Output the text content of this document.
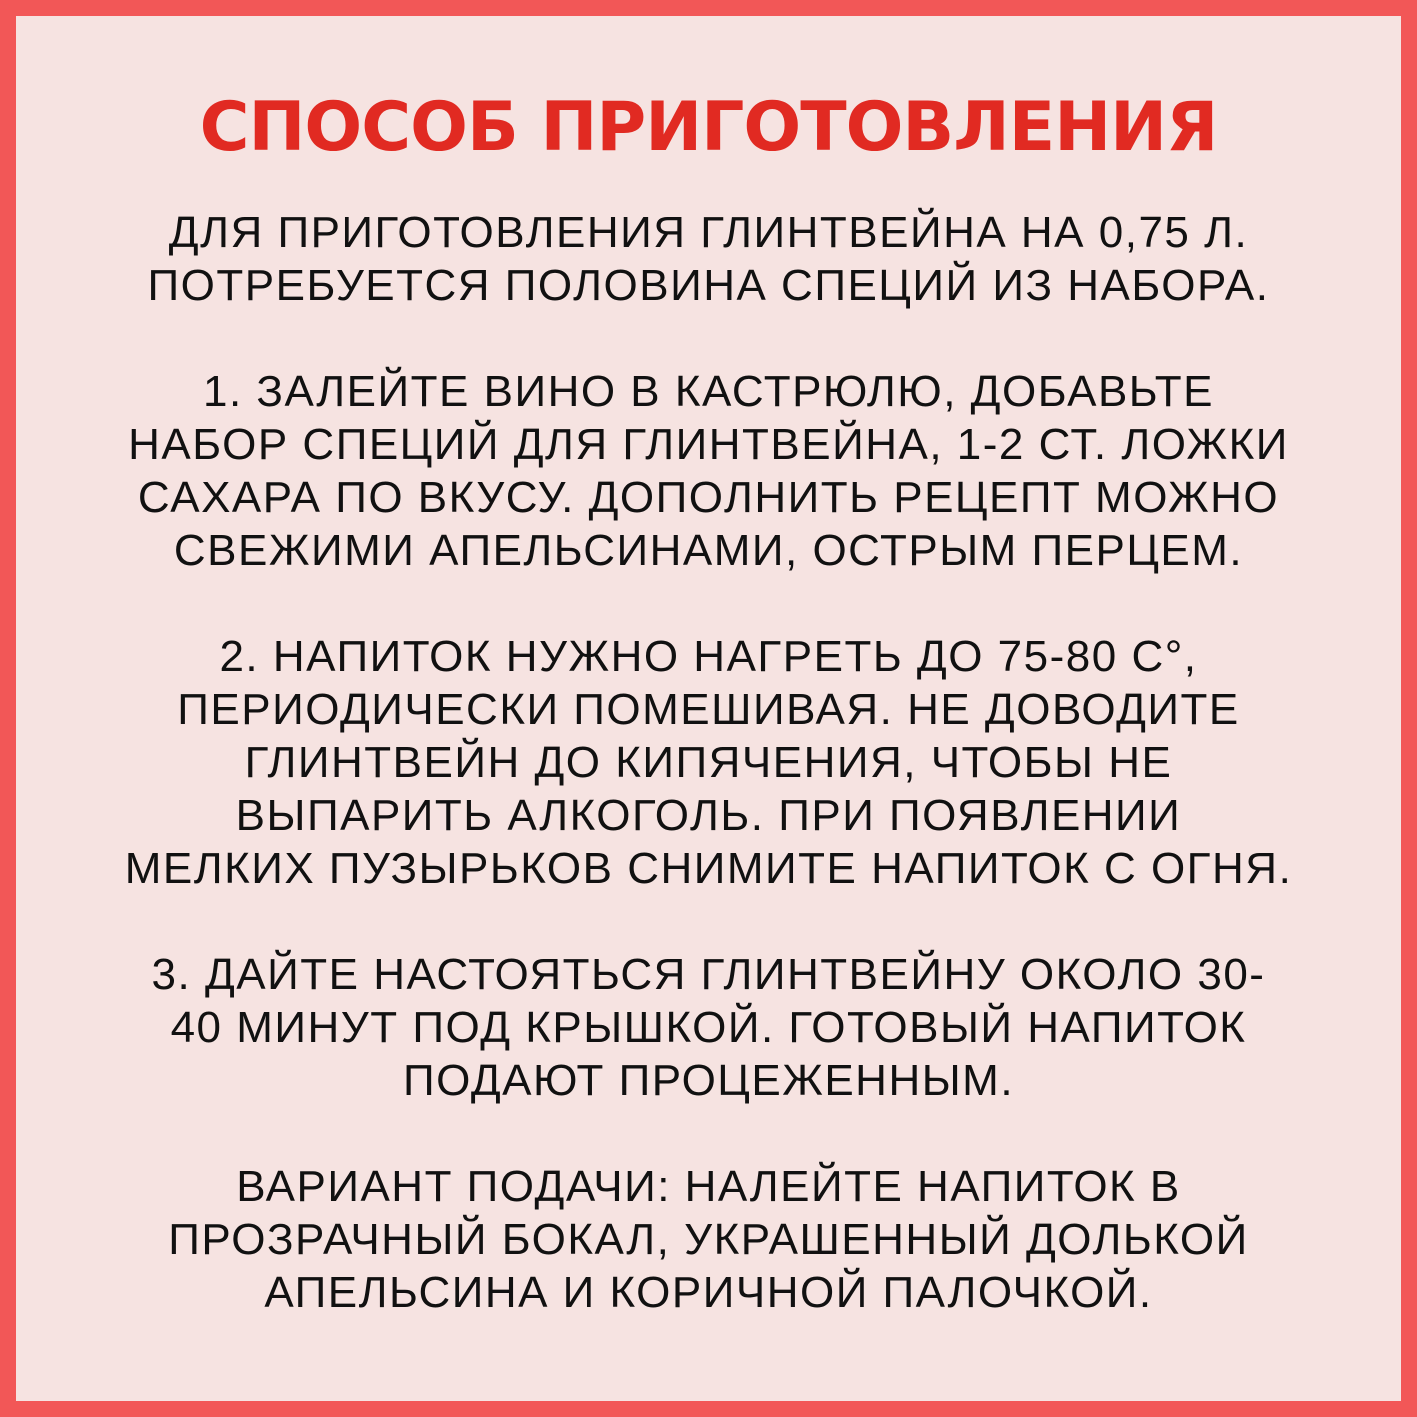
СПОСОБ ПРИГОТОВЛЕНИЯ
ДЛЯ ПРИГОТОВЛЕНИЯ ГЛИНТВЕЙНА НА 0,75 Л.
ПОТРЕБУЕТСЯ ПОЛОВИНА СПЕЦИЙ ИЗ НАБОРА.
1. ЗАЛЕЙТЕ ВИНО В КАСТРЮЛЮ, ДОБАВЬТЕ
НАБОР СПЕЦИЙ ДЛЯ ГЛИНТВЕЙНА, 1-2 СТ. ЛОЖКИ
САХАРА ПО ВКУСУ. ДОПОЛНИТЬ РЕЦЕПТ МОЖНО
СВЕЖИМИ АПЕЛЬСИНАМИ, ОСТРЫМ ПЕРЦЕМ.
2. НАПИТОК НУЖНО НАГРЕТЬ ДО 75-80 С°,
ПЕРИОДИЧЕСКИ ПОМЕШИВАЯ. НЕ ДОВОДИТЕ
ГЛИНТВЕЙН ДО КИПЯЧЕНИЯ, ЧТОБЫ НЕ
ВЫПАРИТЬ АЛКОГОЛЬ. ПРИ ПОЯВЛЕНИИ
МЕЛКИХ ПУЗЫРЬКОВ СНИМИТЕ НАПИТОК С ОГНЯ.
3. ДАЙТЕ НАСТОЯТЬСЯ ГЛИНТВЕЙНУ ОКОЛО 30-
40 МИНУТ ПОД КРЫШКОЙ. ГОТОВЫЙ НАПИТОК
ПОДАЮТ ПРОЦЕЖЕННЫМ.
ВАРИАНТ ПОДАЧИ: НАЛЕЙТЕ НАПИТОК В
ПРОЗРАЧНЫЙ БОКАЛ, УКРАШЕННЫЙ ДОЛЬКОЙ
АПЕЛЬСИНА И КОРИЧНОЙ ПАЛОЧКОЙ.
